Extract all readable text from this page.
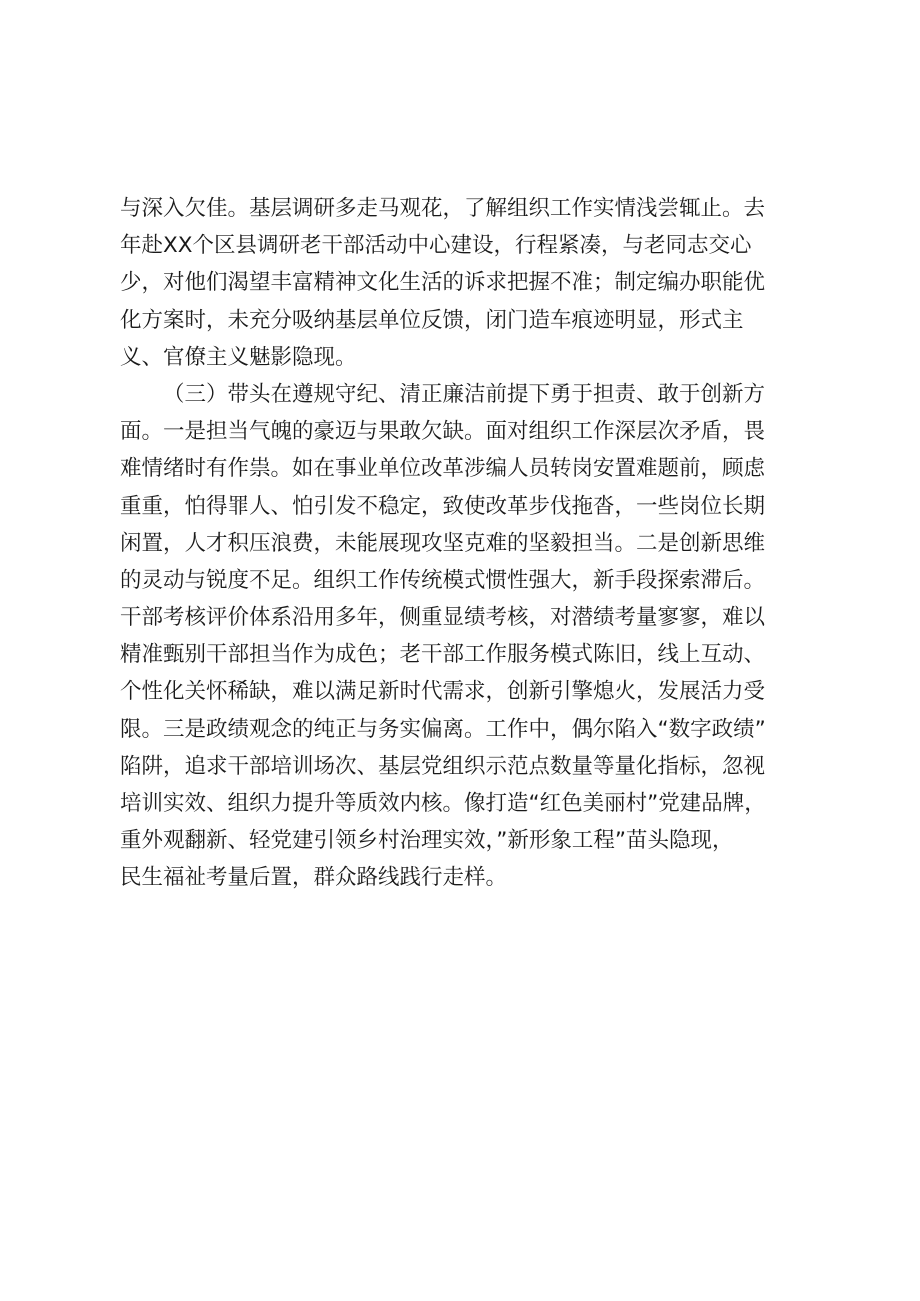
与深入欠佳。基层调研多走马观花，了解组织工作实情浅尝辄止。去
年赴XX个区县调研老干部活动中心建设，行程紧凑，与老同志交心
少，对他们渴望丰富精神文化生活的诉求把握不准；制定编办职能优
化方案时，未充分吸纳基层单位反馈，闭门造车痕迹明显，形式主
义、官僚主义魅影隐现。
（三）带头在遵规守纪、清正廉洁前提下勇于担责、敢于创新方
面。一是担当气魄的豪迈与果敢欠缺。面对组织工作深层次矛盾，畏
难情绪时有作祟。如在事业单位改革涉编人员转岗安置难题前，顾虑
重重，怕得罪人、怕引发不稳定，致使改革步伐拖沓，一些岗位长期
闲置，人才积压浪费，未能展现攻坚克难的坚毅担当。二是创新思维
的灵动与锐度不足。组织工作传统模式惯性强大，新手段探索滞后。
干部考核评价体系沿用多年，侧重显绩考核，对潜绩考量寥寥，难以
精准甄别干部担当作为成色；老干部工作服务模式陈旧，线上互动、
个性化关怀稀缺，难以满足新时代需求，创新引擎熄火，发展活力受
限。三是政绩观念的纯正与务实偏离。工作中，偶尔陷入“数字政绩”
陷阱，追求干部培训场次、基层党组织示范点数量等量化指标，忽视
培训实效、组织力提升等质效内核。像打造“红色美丽村”党建品牌，
重外观翻新、轻党建引领乡村治理实效，”新形象工程”苗头隐现，
民生福祉考量后置，群众路线践行走样。
